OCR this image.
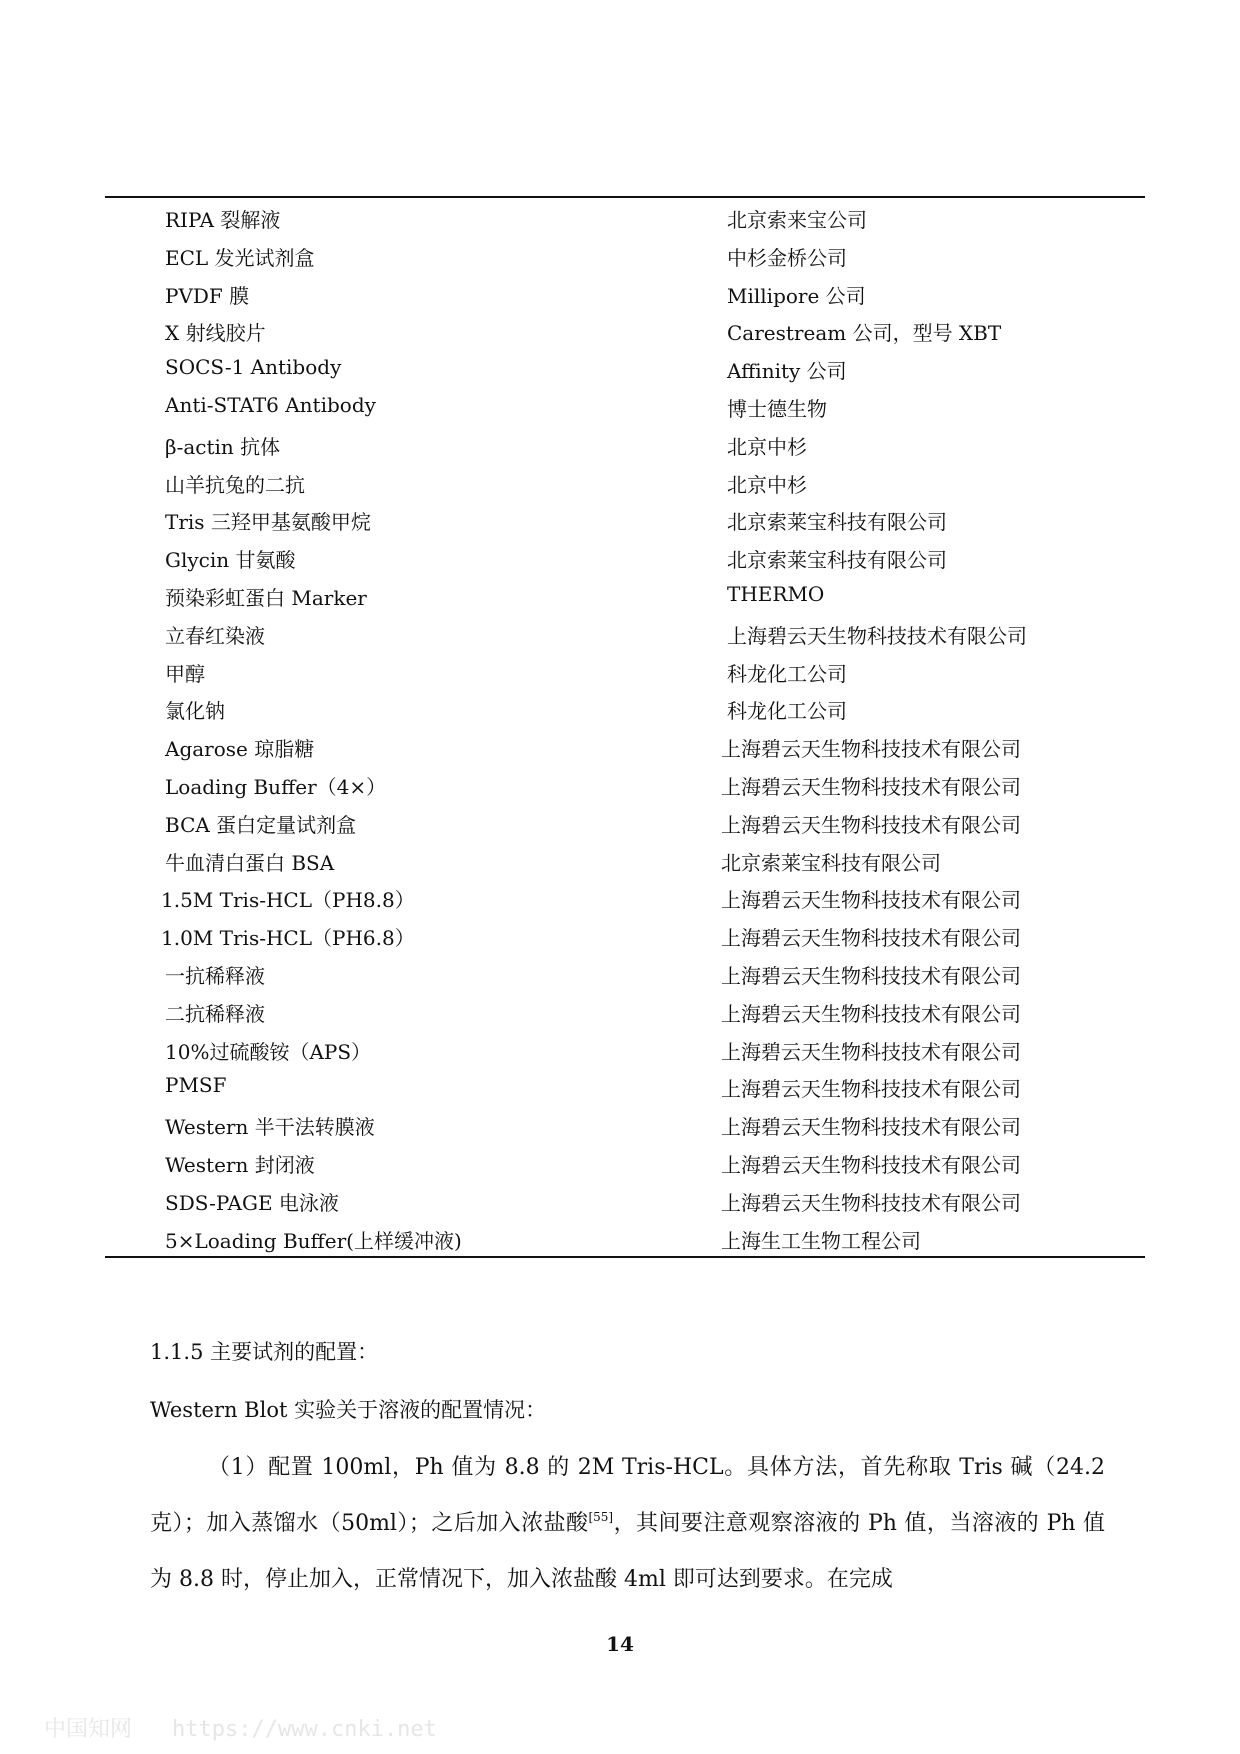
RIPA 裂解液	北京索来宝公司
ECL 发光试剂盒	中杉金桥公司
PVDF 膜	Millipore 公司
X 射线胶片	Carestream 公司，型号 XBT
SOCS-1 Antibody	Affinity 公司
Anti-STAT6 Antibody	博士德生物
β-actin 抗体	北京中杉
山羊抗兔的二抗	北京中杉
Tris 三羟甲基氨酸甲烷	北京索莱宝科技有限公司
Glycin 甘氨酸	北京索莱宝科技有限公司
预染彩虹蛋白 Marker	THERMO
立春红染液	上海碧云天生物科技技术有限公司
甲醇	科龙化工公司
氯化钠	科龙化工公司
Agarose 琼脂糖	上海碧云天生物科技技术有限公司
Loading Buffer（4×）	上海碧云天生物科技技术有限公司
BCA 蛋白定量试剂盒	上海碧云天生物科技技术有限公司
牛血清白蛋白 BSA	北京索莱宝科技有限公司
1.5M Tris-HCL（PH8.8）	上海碧云天生物科技技术有限公司
1.0M Tris-HCL（PH6.8）	上海碧云天生物科技技术有限公司
一抗稀释液	上海碧云天生物科技技术有限公司
二抗稀释液	上海碧云天生物科技技术有限公司
10%过硫酸铵（APS）	上海碧云天生物科技技术有限公司
PMSF	上海碧云天生物科技技术有限公司
Western 半干法转膜液	上海碧云天生物科技技术有限公司
Western 封闭液	上海碧云天生物科技技术有限公司
SDS-PAGE 电泳液	上海碧云天生物科技技术有限公司
5×Loading Buffer(上样缓冲液)	上海生工生物工程公司
1.1.5 主要试剂的配置：
Western Blot 实验关于溶液的配置情况：
（1）配置 100ml，Ph 值为 8.8 的 2M Tris-HCL。具体方法，首先称取 Tris 碱（24.2 克）；加入蒸馏水（50ml）；之后加入浓盐酸[55]，其间要注意观察溶液的 Ph 值，当溶液的 Ph 值为 8.8 时，停止加入，正常情况下，加入浓盐酸 4ml 即可达到要求。在完成
14
中国知网 https://www.cnki.net
